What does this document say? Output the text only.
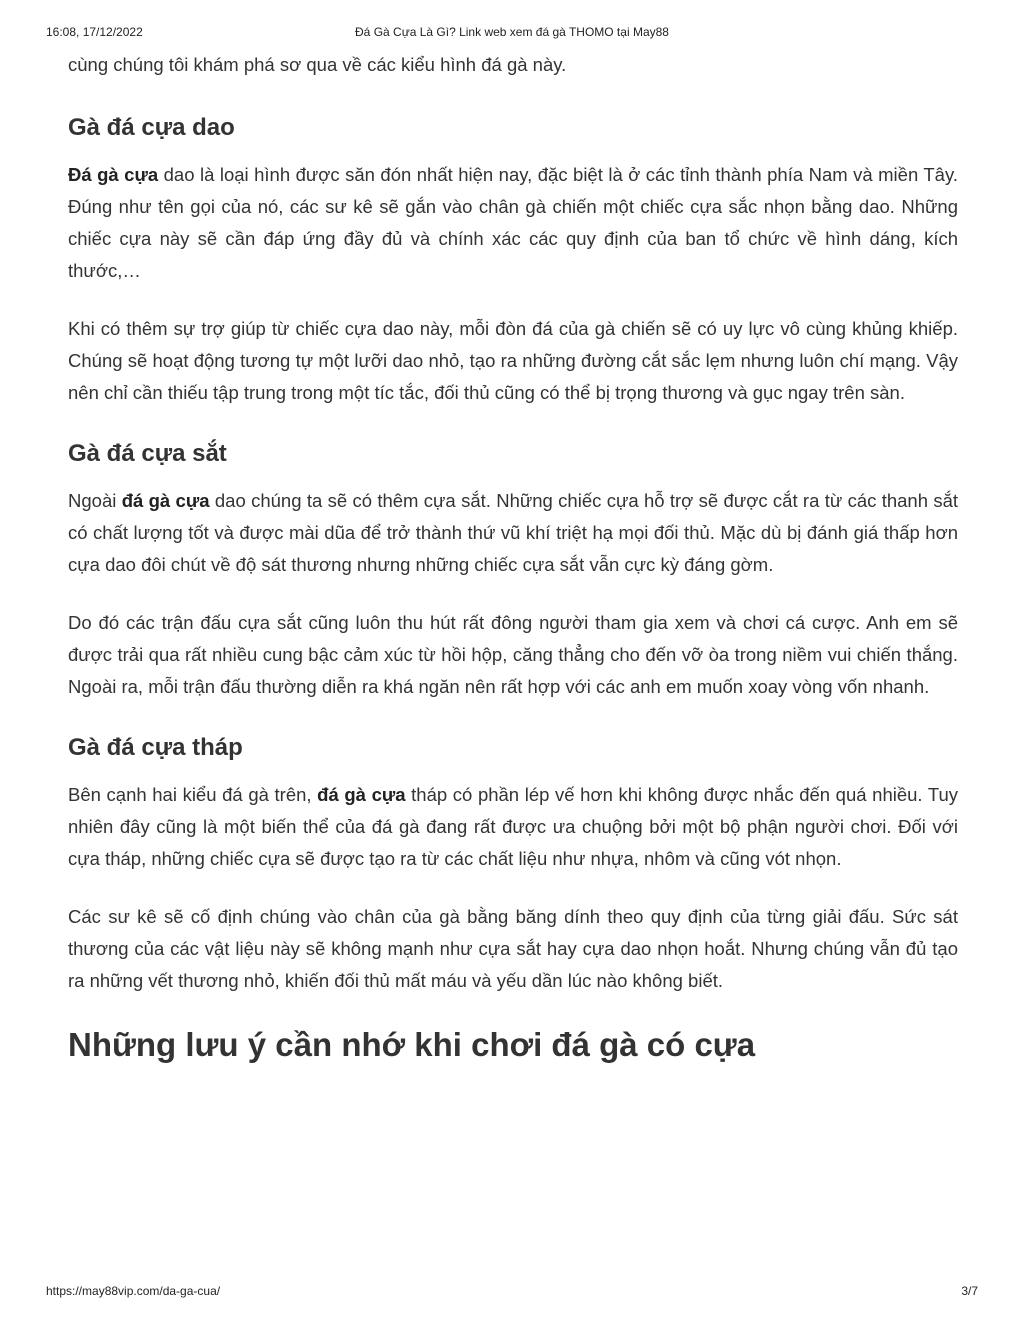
16:08, 17/12/2022	Đá Gà Cựa Là Gì? Link web xem đá gà THOMO tại May88

cùng chúng tôi khám phá sơ qua về các kiểu hình đá gà này.

Gà đá cựa dao

Đá gà cựa dao là loại hình được săn đón nhất hiện nay, đặc biệt là ở các tỉnh thành phía Nam và miền Tây. Đúng như tên gọi của nó, các sư kê sẽ gắn vào chân gà chiến một chiếc cựa sắc nhọn bằng dao. Những chiếc cựa này sẽ cần đáp ứng đầy đủ và chính xác các quy định của ban tổ chức về hình dáng, kích thước,…

Khi có thêm sự trợ giúp từ chiếc cựa dao này, mỗi đòn đá của gà chiến sẽ có uy lực vô cùng khủng khiếp. Chúng sẽ hoạt động tương tự một lưỡi dao nhỏ, tạo ra những đường cắt sắc lẹm nhưng luôn chí mạng. Vậy nên chỉ cần thiếu tập trung trong một tíc tắc, đối thủ cũng có thể bị trọng thương và gục ngay trên sàn.

Gà đá cựa sắt

Ngoài đá gà cựa dao chúng ta sẽ có thêm cựa sắt. Những chiếc cựa hỗ trợ sẽ được cắt ra từ các thanh sắt có chất lượng tốt và được mài dũa để trở thành thứ vũ khí triệt hạ mọi đối thủ. Mặc dù bị đánh giá thấp hơn cựa dao đôi chút về độ sát thương nhưng những chiếc cựa sắt vẫn cực kỳ đáng gờm.

Do đó các trận đấu cựa sắt cũng luôn thu hút rất đông người tham gia xem và chơi cá cược. Anh em sẽ được trải qua rất nhiều cung bậc cảm xúc từ hồi hộp, căng thẳng cho đến vỡ òa trong niềm vui chiến thắng. Ngoài ra, mỗi trận đấu thường diễn ra khá ngăn nên rất hợp với các anh em muốn xoay vòng vốn nhanh.

Gà đá cựa tháp

Bên cạnh hai kiểu đá gà trên, đá gà cựa tháp có phần lép vế hơn khi không được nhắc đến quá nhiều. Tuy nhiên đây cũng là một biến thể của đá gà đang rất được ưa chuộng bởi một bộ phận người chơi. Đối với cựa tháp, những chiếc cựa sẽ được tạo ra từ các chất liệu như nhựa, nhôm và cũng vót nhọn.

Các sư kê sẽ cố định chúng vào chân của gà bằng băng dính theo quy định của từng giải đấu. Sức sát thương của các vật liệu này sẽ không mạnh như cựa sắt hay cựa dao nhọn hoắt. Nhưng chúng vẫn đủ tạo ra những vết thương nhỏ, khiến đối thủ mất máu và yếu dần lúc nào không biết.

Những lưu ý cần nhớ khi chơi đá gà có cựa
https://may88vip.com/da-ga-cua/	3/7
